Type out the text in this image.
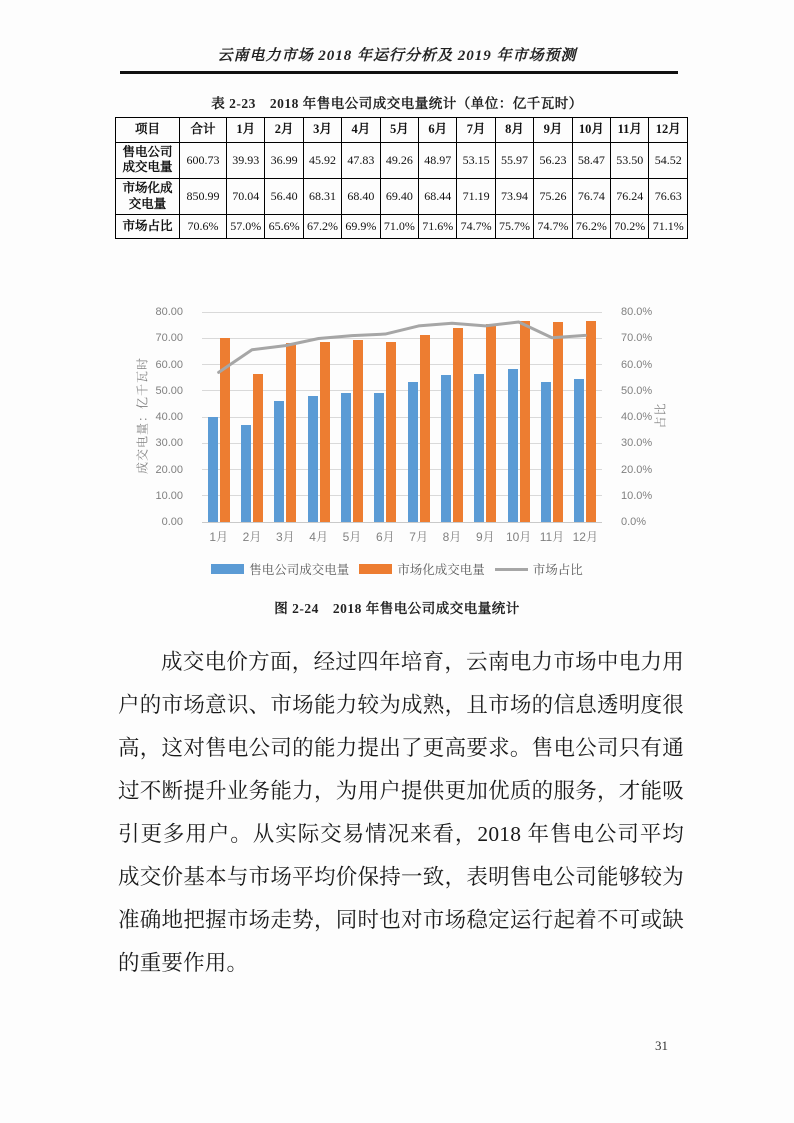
云南电力市场 2018 年运行分析及 2019 年市场预测
表 2-23　2018 年售电公司成交电量统计（单位：亿千瓦时）
项目	合计	1月	2月	3月	4月	5月	6月	7月	8月	9月	10月	11月	12月
售电公司成交电量	600.73	39.93	36.99	45.92	47.83	49.26	48.97	53.15	55.97	56.23	58.47	53.50	54.52
市场化成交电量	850.99	70.04	56.40	68.31	68.40	69.40	68.44	71.19	73.94	75.26	76.74	76.24	76.63
市场占比	70.6%	57.0%	65.6%	67.2%	69.9%	71.0%	71.6%	74.7%	75.7%	74.7%	76.2%	70.2%	71.1%
成交电量：亿千瓦时	占比
0.00
10.00
20.00
30.00
40.00
50.00
60.00
70.00
80.00
0.0%
10.0%
20.0%
30.0%
40.0%
50.0%
60.0%
70.0%
80.0%
1月	2月	3月	4月	5月	6月	7月	8月	9月 10月 11月 12月
售电公司成交电量	市场化成交电量	市场占比
图 2-24　2018 年售电公司成交电量统计
成交电价方面，经过四年培育，云南电力市场中电力用户的市场意识、市场能力较为成熟，且市场的信息透明度很高，这对售电公司的能力提出了更高要求。售电公司只有通过不断提升业务能力，为用户提供更加优质的服务，才能吸引更多用户。从实际交易情况来看，2018 年售电公司平均成交价基本与市场平均价保持一致，表明售电公司能够较为准确地把握市场走势，同时也对市场稳定运行起着不可或缺的重要作用。
31
